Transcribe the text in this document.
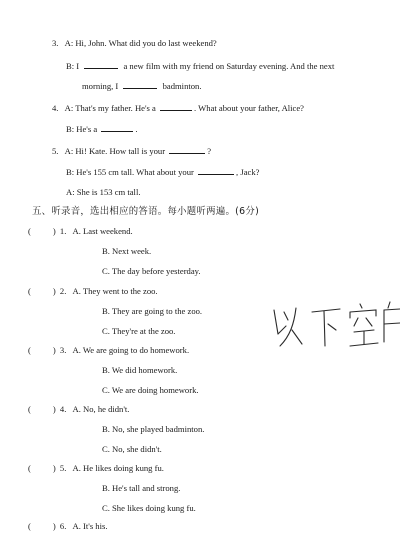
3. A: Hi, John. What did you do last weekend?
B: I	a new film with my friend on Saturday evening. And the next
morning, I	badminton.
4. A: That's my father. He's a	. What about your father, Alice?
B: He's a	.
5. A: Hi! Kate. How tall is your	?
B: He's 155 cm tall. What about your	, Jack?
A: She is 153 cm tall.
五、听录音，选出相应的答语。每小题听两遍。(6分)
(	) 1. A. Last weekend.
B. Next week.
C. The day before yesterday.
(	) 2. A. They went to the zoo.
B. They are going to the zoo.
C. They're at the zoo.
(	) 3. A. We are going to do homework.
B. We did homework.
C. We are doing homework.
(	) 4. A. No, he didn't.
B. No, she played badminton.
C. No, she didn't.
(	) 5. A. He likes doing kung fu.
B. He's tall and strong.
C. She likes doing kung fu.
(	) 6. A. It's his.
